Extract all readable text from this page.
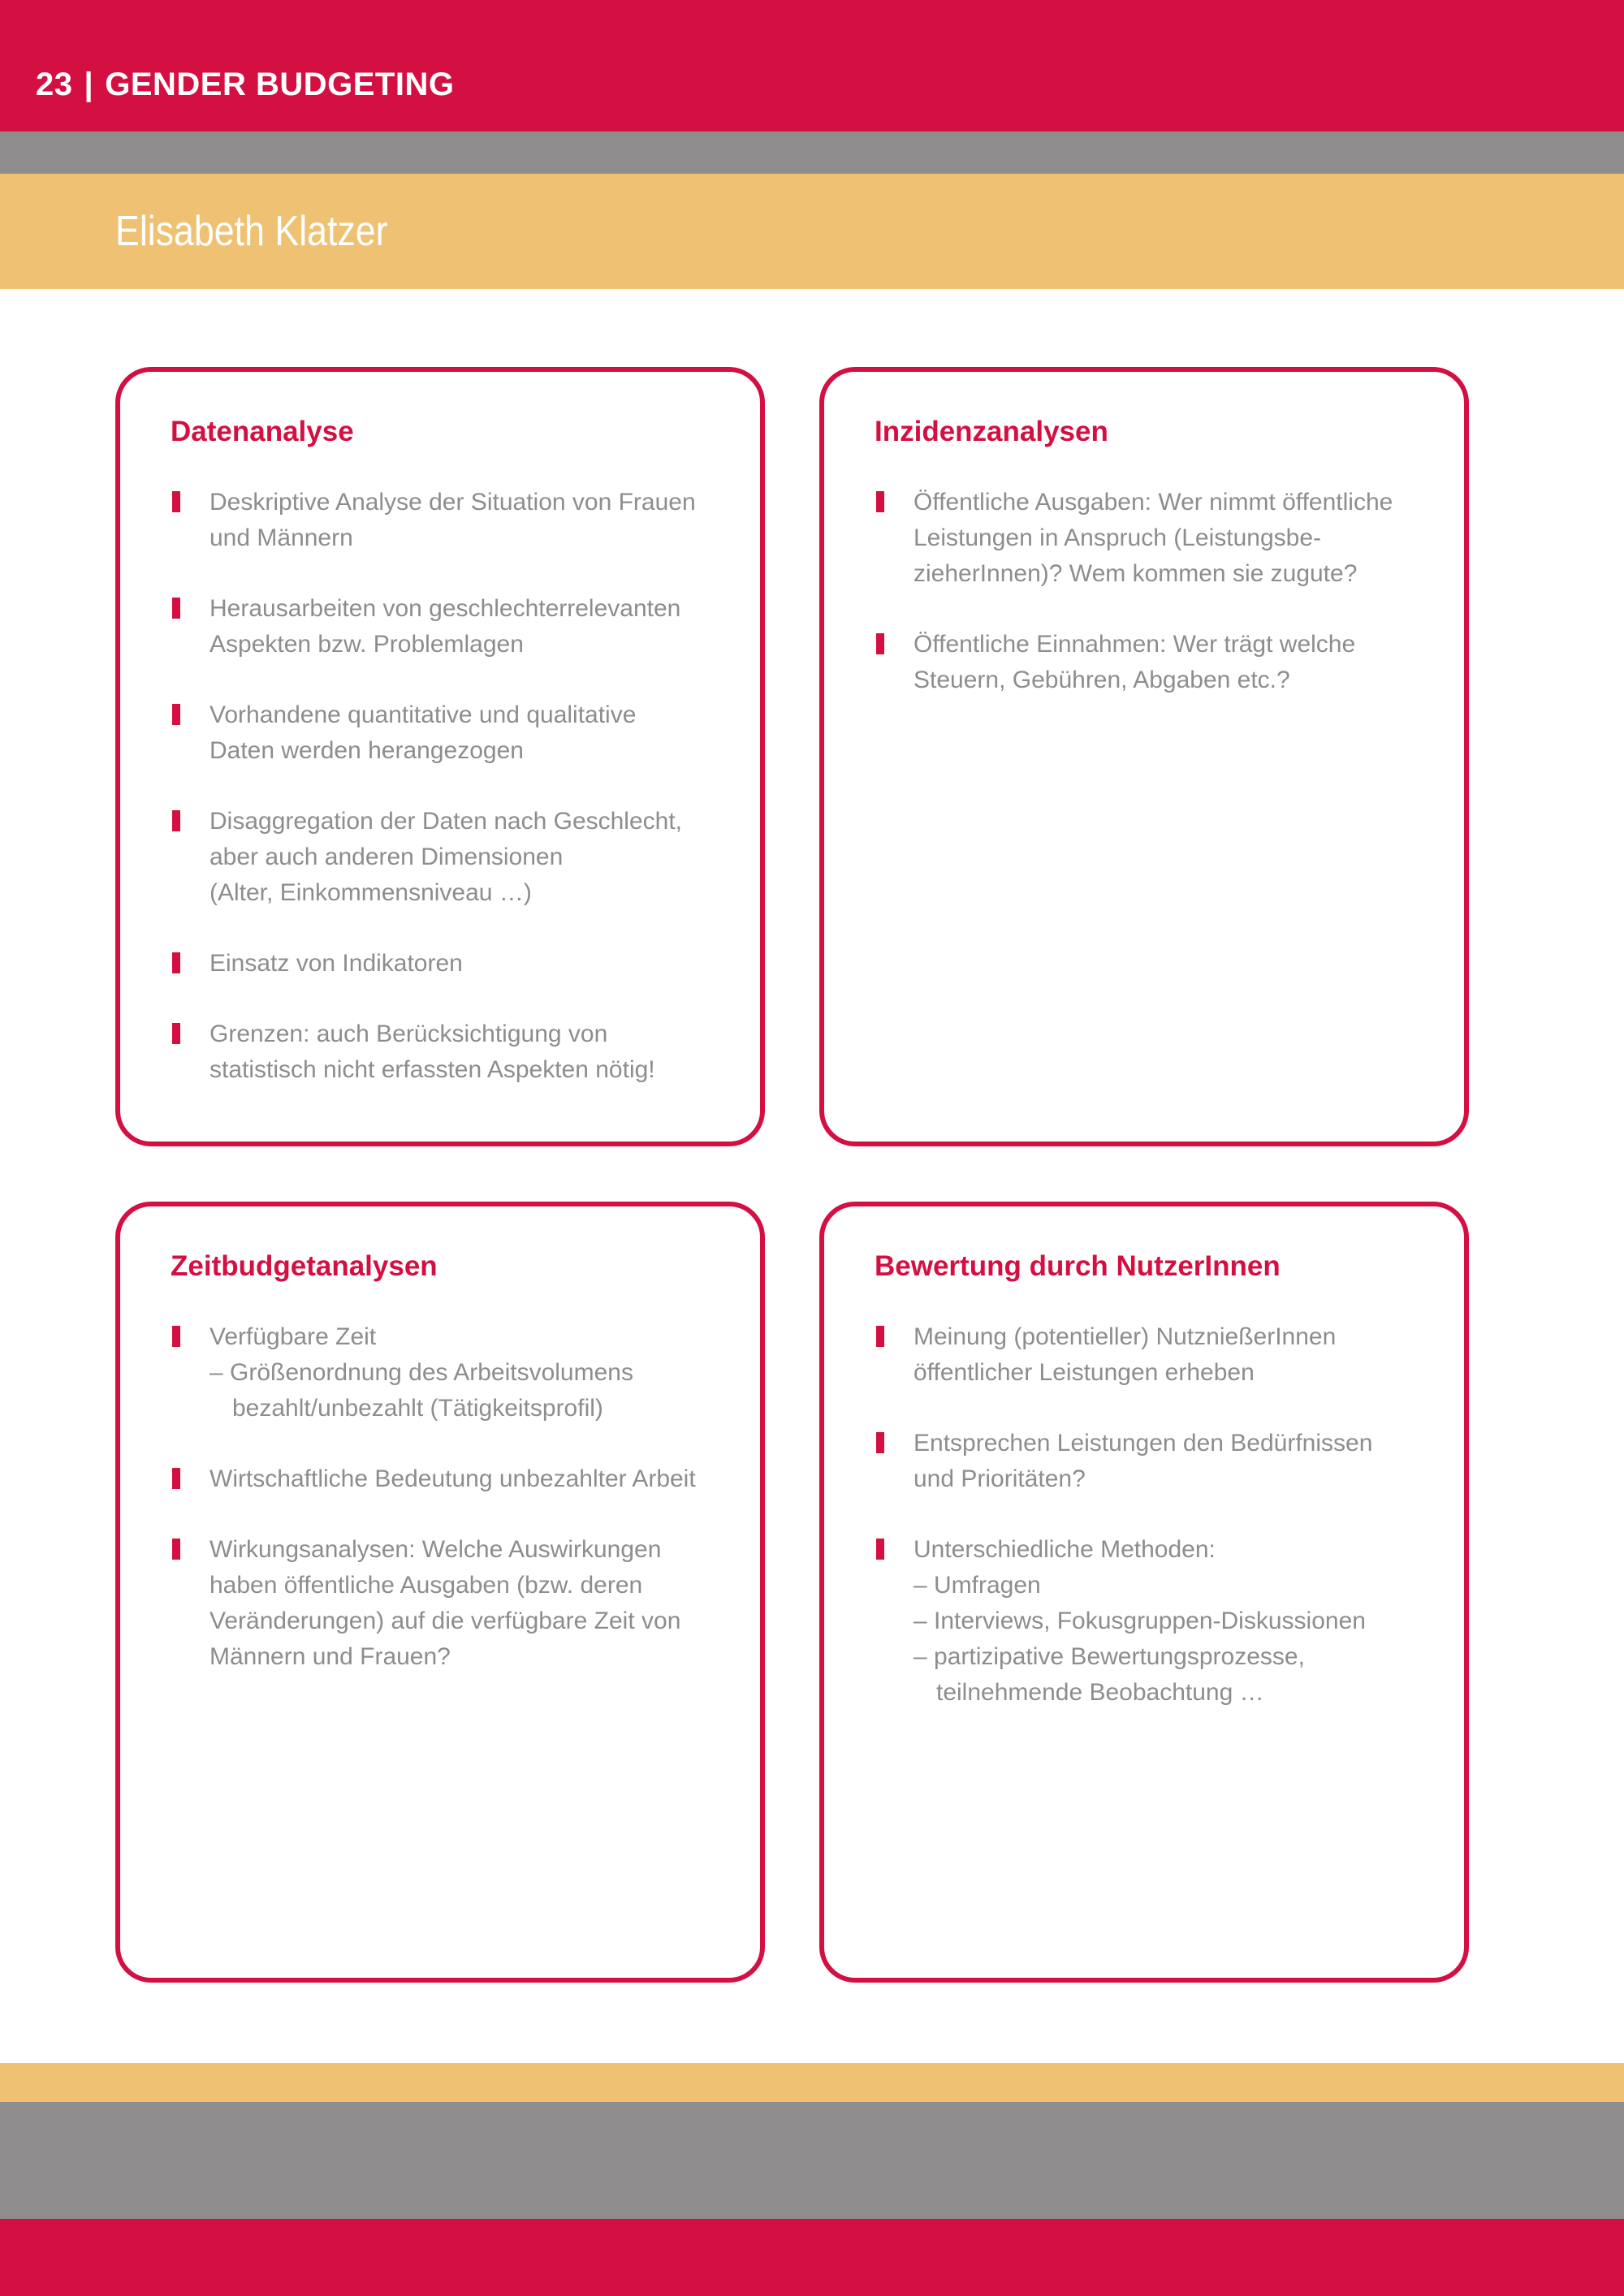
23 | GENDER BUDGETING
Elisabeth Klatzer
Datenanalyse
Deskriptive Analyse der Situation von Frauen
und Männern
Herausarbeiten von geschlechterrelevanten
Aspekten bzw. Problemlagen
Vorhandene quantitative und qualitative
Daten werden herangezogen
Disaggregation der Daten nach Geschlecht,
aber auch anderen Dimensionen
(Alter, Einkommensniveau …)
Einsatz von Indikatoren
Grenzen: auch Berücksichtigung von
statistisch nicht erfassten Aspekten nötig!
Inzidenzanalysen
Öffentliche Ausgaben: Wer nimmt öffentliche
Leistungen in Anspruch (Leistungsbe-
zieherInnen)? Wem kommen sie zugute?
Öffentliche Einnahmen: Wer trägt welche
Steuern, Gebühren, Abgaben etc.?
Zeitbudgetanalysen
Verfügbare Zeit
– Größenordnung des Arbeitsvolumens
bezahlt/unbezahlt (Tätigkeitsprofil)
Wirtschaftliche Bedeutung unbezahlter Arbeit
Wirkungsanalysen: Welche Auswirkungen
haben öffentliche Ausgaben (bzw. deren
Veränderungen) auf die verfügbare Zeit von
Männern und Frauen?
Bewertung durch NutzerInnen
Meinung (potentieller) NutznießerInnen
öffentlicher Leistungen erheben
Entsprechen Leistungen den Bedürfnissen
und Prioritäten?
Unterschiedliche Methoden:
– Umfragen
– Interviews, Fokusgruppen-Diskussionen
– partizipative Bewertungsprozesse,
teilnehmende Beobachtung …
